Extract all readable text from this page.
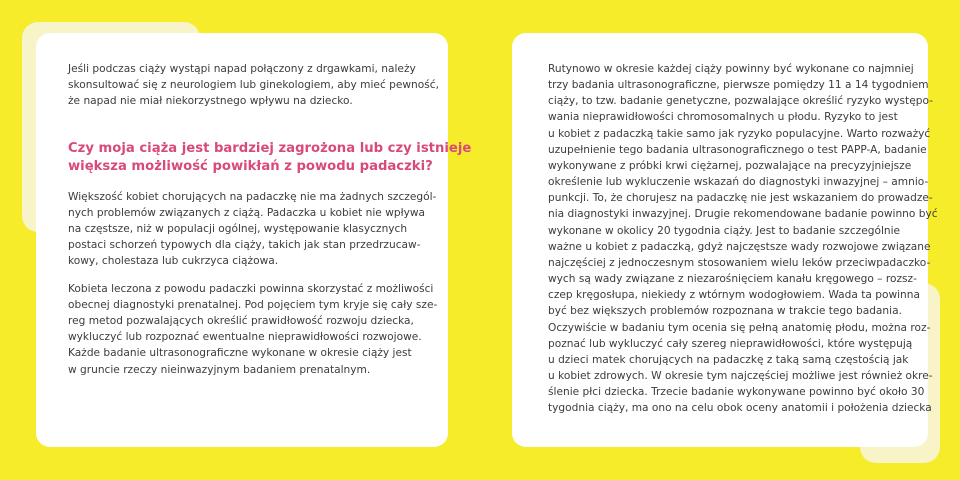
Jeśli podczas ciąży wystąpi napad połączony z drgawkami, należy
skonsultować się z neurologiem lub ginekologiem, aby mieć pewność,
że napad nie miał niekorzystnego wpływu na dziecko.

Czy moja ciąża jest bardziej zagrożona lub czy istnieje
większa możliwość powikłań z powodu padaczki?

Większość kobiet chorujących na padaczkę nie ma żadnych szczegól-
nych problemów związanych z ciążą. Padaczka u kobiet nie wpływa
na częstsze, niż w populacji ogólnej, występowanie klasycznych
postaci schorzeń typowych dla ciąży, takich jak stan przedrzucaw-
kowy, cholestaza lub cukrzyca ciążowa.

Kobieta leczona z powodu padaczki powinna skorzystać z możliwości
obecnej diagnostyki prenatalnej. Pod pojęciem tym kryje się cały sze-
reg metod pozwalających określić prawidłowość rozwoju dziecka,
wykluczyć lub rozpoznać ewentualne nieprawidłowości rozwojowe.
Każde badanie ultrasonograficzne wykonane w okresie ciąży jest
w gruncie rzeczy nieinwazyjnym badaniem prenatalnym.

Rutynowo w okresie każdej ciąży powinny być wykonane co najmniej
trzy badania ultrasonograficzne, pierwsze pomiędzy 11 a 14 tygodniem
ciąży, to tzw. badanie genetyczne, pozwalające określić ryzyko występo-
wania nieprawidłowości chromosomalnych u płodu. Ryzyko to jest
u kobiet z padaczką takie samo jak ryzyko populacyjne. Warto rozważyć
uzupełnienie tego badania ultrasonograficznego o test PAPP-A, badanie
wykonywane z próbki krwi ciężarnej, pozwalające na precyzyjniejsze
określenie lub wykluczenie wskazań do diagnostyki inwazyjnej – amnio-
punkcji. To, że chorujesz na padaczkę nie jest wskazaniem do prowadze-
nia diagnostyki inwazyjnej. Drugie rekomendowane badanie powinno być
wykonane w okolicy 20 tygodnia ciąży. Jest to badanie szczególnie
ważne u kobiet z padaczką, gdyż najczęstsze wady rozwojowe związane
najczęściej z jednoczesnym stosowaniem wielu leków przeciwpadaczko-
wych są wady związane z niezarośnięciem kanału kręgowego – rozsz-
czep kręgosłupa, niekiedy z wtórnym wodogłowiem. Wada ta powinna
być bez większych problemów rozpoznana w trakcie tego badania.
Oczywiście w badaniu tym ocenia się pełną anatomię płodu, można roz-
poznać lub wykluczyć cały szereg nieprawidłowości, które występują
u dzieci matek chorujących na padaczkę z taką samą częstością jak
u kobiet zdrowych. W okresie tym najczęściej możliwe jest również okre-
ślenie płci dziecka. Trzecie badanie wykonywane powinno być około 30
tygodnia ciąży, ma ono na celu obok oceny anatomii i położenia dziecka
